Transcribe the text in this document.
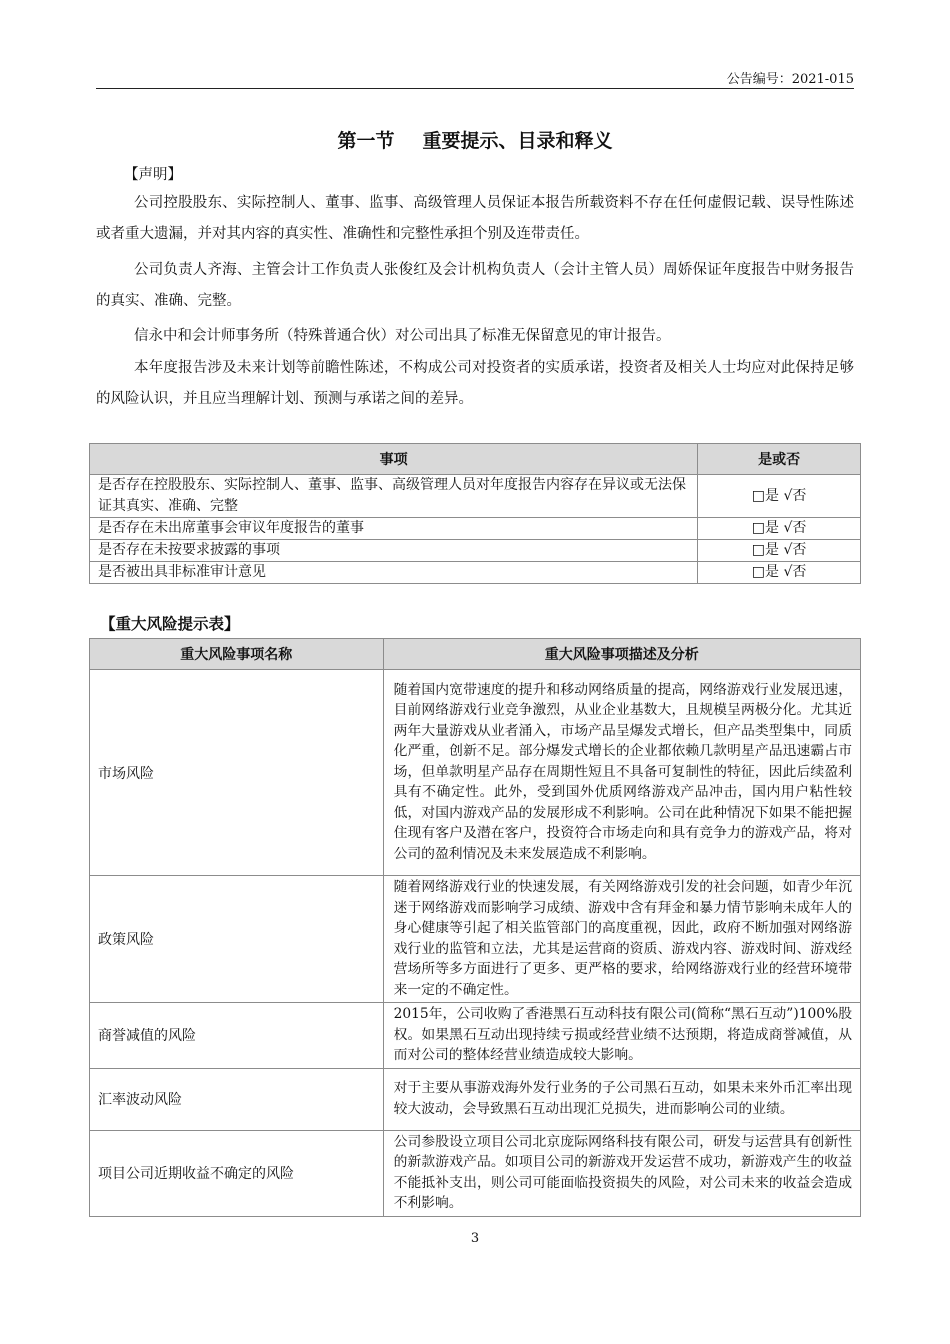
公告编号：2021-015
第一节 重要提示、目录和释义
【声明】
公司控股股东、实际控制人、董事、监事、高级管理人员保证本报告所载资料不存在任何虚假记载、误导性陈述或者重大遗漏，并对其内容的真实性、准确性和完整性承担个别及连带责任。
公司负责人齐海、主管会计工作负责人张俊红及会计机构负责人（会计主管人员）周娇保证年度报告中财务报告的真实、准确、完整。
信永中和会计师事务所（特殊普通合伙）对公司出具了标准无保留意见的审计报告。
本年度报告涉及未来计划等前瞻性陈述，不构成公司对投资者的实质承诺，投资者及相关人士均应对此保持足够的风险认识，并且应当理解计划、预测与承诺之间的差异。
事项	是或否
是否存在控股股东、实际控制人、董事、监事、高级管理人员对年度报告内容存在异议或无法保证其真实、准确、完整	□是 √否
是否存在未出席董事会审议年度报告的董事	□是 √否
是否存在未按要求披露的事项	□是 √否
是否被出具非标准审计意见	□是 √否
【重大风险提示表】
重大风险事项名称	重大风险事项描述及分析
市场风险	随着国内宽带速度的提升和移动网络质量的提高，网络游戏行业发展迅速，目前网络游戏行业竞争激烈，从业企业基数大，且规模呈两极分化。尤其近两年大量游戏从业者涌入，市场产品呈爆发式增长，但产品类型集中，同质化严重，创新不足。部分爆发式增长的企业都依赖几款明星产品迅速霸占市场，但单款明星产品存在周期性短且不具备可复制性的特征，因此后续盈利具有不确定性。此外，受到国外优质网络游戏产品冲击，国内用户粘性较低，对国内游戏产品的发展形成不利影响。公司在此种情况下如果不能把握住现有客户及潜在客户，投资符合市场走向和具有竞争力的游戏产品，将对公司的盈利情况及未来发展造成不利影响。
政策风险	随着网络游戏行业的快速发展，有关网络游戏引发的社会问题，如青少年沉迷于网络游戏而影响学习成绩、游戏中含有拜金和暴力情节影响未成年人的身心健康等引起了相关监管部门的高度重视，因此，政府不断加强对网络游戏行业的监管和立法，尤其是运营商的资质、游戏内容、游戏时间、游戏经营场所等多方面进行了更多、更严格的要求，给网络游戏行业的经营环境带来一定的不确定性。
商誉减值的风险	2015年，公司收购了香港黑石互动科技有限公司(简称“黑石互动”)100%股权。如果黑石互动出现持续亏损或经营业绩不达预期，将造成商誉减值，从而对公司的整体经营业绩造成较大影响。
汇率波动风险	对于主要从事游戏海外发行业务的子公司黑石互动，如果未来外币汇率出现较大波动，会导致黑石互动出现汇兑损失，进而影响公司的业绩。
项目公司近期收益不确定的风险	公司参股设立项目公司北京庞际网络科技有限公司，研发与运营具有创新性的新款游戏产品。如项目公司的新游戏开发运营不成功，新游戏产生的收益不能抵补支出，则公司可能面临投资损失的风险，对公司未来的收益会造成不利影响。
3
